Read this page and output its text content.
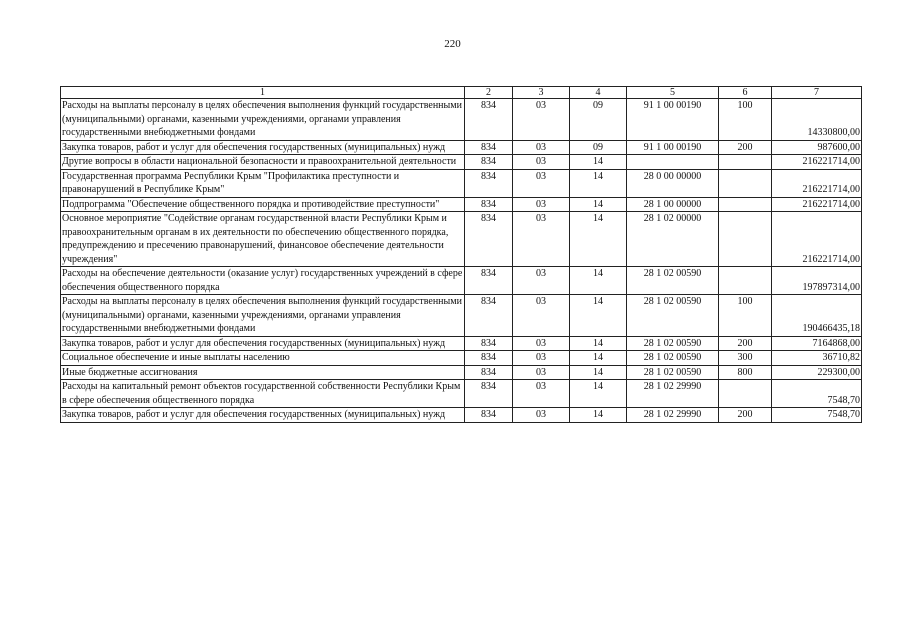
220
1	2	3	4	5	6	7
Расходы на выплаты персоналу в целях обеспечения выполнения функций государственными (муниципальными) органами, казенными учреждениями, органами управления государственными внебюджетными фондами	834	03	09	91 1 00 00190	100	14330800,00
Закупка товаров, работ и услуг для обеспечения государственных (муниципальных) нужд	834	03	09	91 1 00 00190	200	987600,00
Другие вопросы в области национальной безопасности и правоохранительной деятельности	834	03	14			216221714,00
Государственная программа Республики Крым "Профилактика преступности и правонарушений в Республике Крым"	834	03	14	28 0 00 00000		216221714,00
Подпрограмма "Обеспечение общественного порядка и противодействие преступности"	834	03	14	28 1 00 00000		216221714,00
Основное мероприятие "Содействие органам государственной власти Республики Крым и правоохранительным органам в их деятельности по обеспечению общественного порядка, предупреждению и пресечению правонарушений, финансовое обеспечение деятельности учреждения"	834	03	14	28 1 02 00000		216221714,00
Расходы на обеспечение деятельности (оказание услуг) государственных учреждений в сфере обеспечения общественного порядка	834	03	14	28 1 02 00590		197897314,00
Расходы на выплаты персоналу в целях обеспечения выполнения функций государственными (муниципальными) органами, казенными учреждениями, органами управления государственными внебюджетными фондами	834	03	14	28 1 02 00590	100	190466435,18
Закупка товаров, работ и услуг для обеспечения государственных (муниципальных) нужд	834	03	14	28 1 02 00590	200	7164868,00
Социальное обеспечение и иные выплаты населению	834	03	14	28 1 02 00590	300	36710,82
Иные бюджетные ассигнования	834	03	14	28 1 02 00590	800	229300,00
Расходы на капитальный ремонт объектов государственной собственности Республики Крым в сфере обеспечения общественного порядка	834	03	14	28 1 02 29990		7548,70
Закупка товаров, работ и услуг для обеспечения государственных (муниципальных) нужд	834	03	14	28 1 02 29990	200	7548,70
